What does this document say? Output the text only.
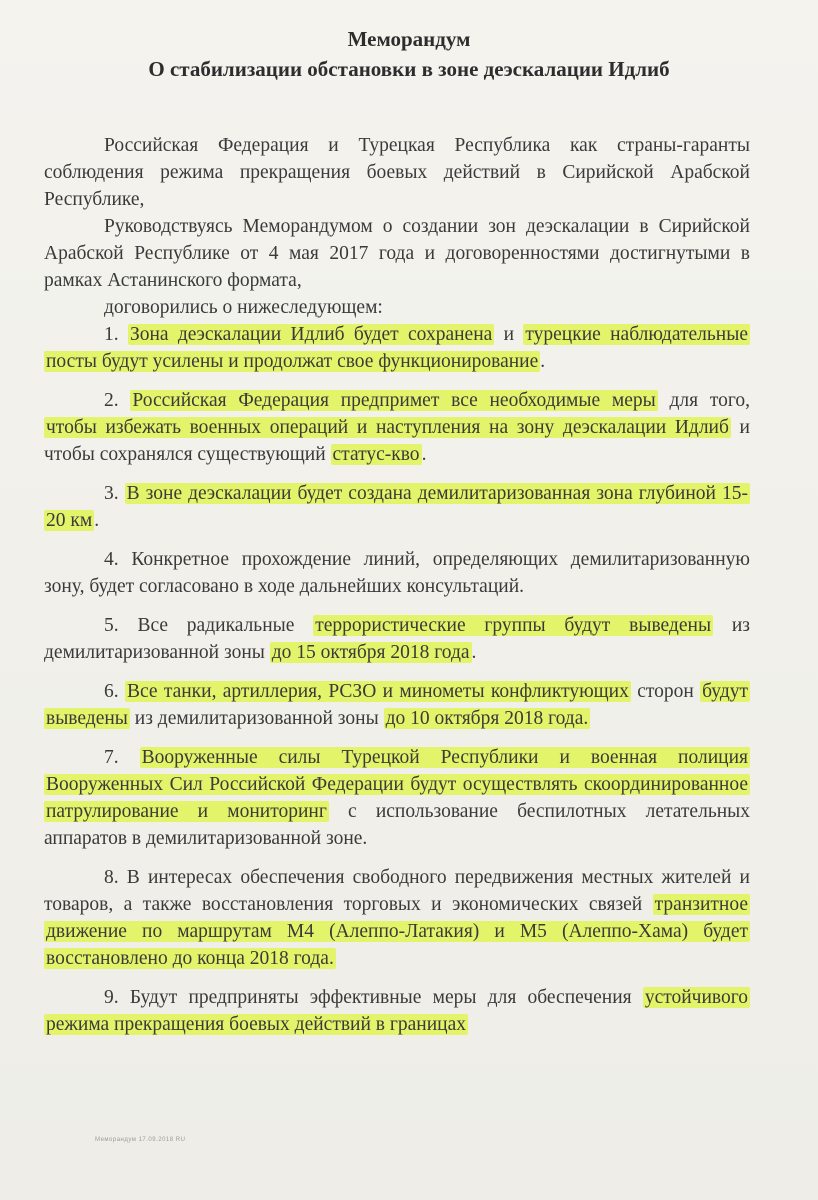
Меморандум
О стабилизации обстановки в зоне деэскалации Идлиб

Российская Федерация и Турецкая Республика как страны-гаранты соблюдения режима прекращения боевых действий в Сирийской Арабской Республике,

Руководствуясь Меморандумом о создании зон деэскалации в Сирийской Арабской Республике от 4 мая 2017 года и договоренностями достигнутыми в рамках Астанинского формата,

договорились о нижеследующем:

1. Зона деэскалации Идлиб будет сохранена и турецкие наблюдательные посты будут усилены и продолжат свое функционирование .

2. Российская Федерация предпримет все необходимые меры для того, чтобы избежать военных операций и наступления на зону деэскалации Идлиб и чтобы сохранялся существующий статус-кво .

3. В зоне деэскалации будет создана демилитаризованная зона глубиной 15-20 км .

4. Конкретное прохождение линий, определяющих демилитаризованную зону, будет согласовано в ходе дальнейших консультаций.

5. Все радикальные террористические группы будут выведены из демилитаризованной зоны до 15 октября 2018 года .

6. Все танки, артиллерия, РСЗО и минометы конфликтующих сторон будут выведены из демилитаризованной зоны до 10 октября 2018 года.

7. Вооруженные силы Турецкой Республики и военная полиция Вооруженных Сил Российской Федерации будут осуществлять скоординированное патрулирование и мониторинг с использование беспилотных летательных аппаратов в демилитаризованной зоне.

8. В интересах обеспечения свободного передвижения местных жителей и товаров, а также восстановления торговых и экономических связей транзитное движение по маршрутам М4 (Алеппо-Латакия) и М5 (Алеппо-Хама) будет восстановлено до конца 2018 года.

9. Будут предприняты эффективные меры для обеспечения устойчивого режима прекращения боевых действий в границах

Меморандум 17.09.2018 RU
